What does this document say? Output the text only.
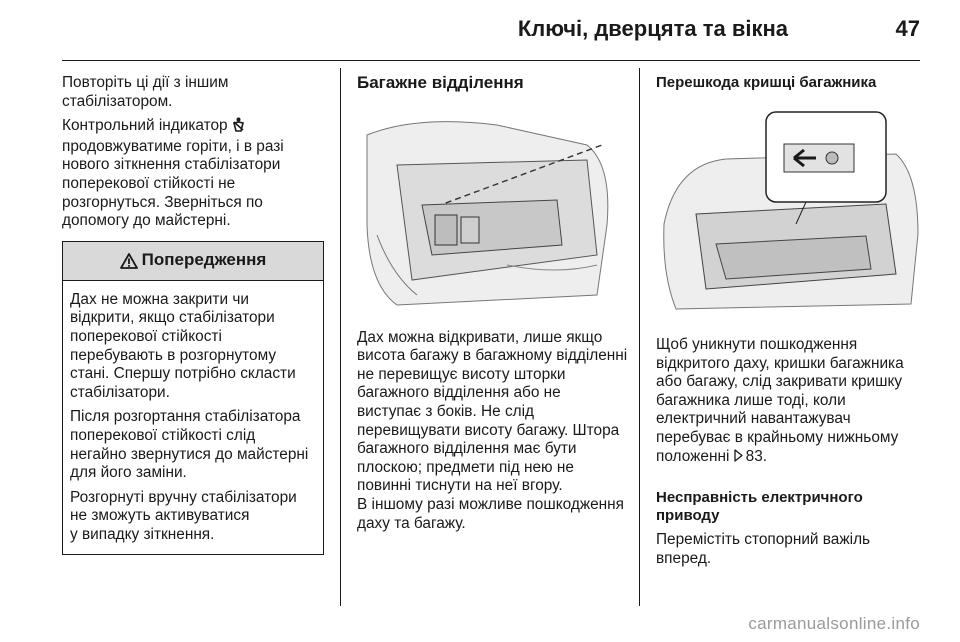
Ключі, дверцята та вікна	47

Повторіть ці дії з іншим стабілізатором.

Контрольний індикатор  продовжуватиме горіти, і в разі нового зіткнення стабілізатори поперекової стійкості не розгорнуться. Зверніться по допомогу до майстерні.

Попередження

Дах не можна закрити чи відкрити, якщо стабілізатори поперекової стійкості перебувають в розгорнутому стані. Спершу потрібно скласти стабілізатори.

Після розгортання стабілізатора поперекової стійкості слід негайно звернутися до майстерні для його заміни.

Розгорнуті вручну стабілізатори не зможуть активуватися
у випадку зіткнення.

Багажне відділення

Дах можна відкривати, лише якщо висота багажу в багажному відділенні не перевищує висоту шторки багажного відділення або не виступає з боків. Не слід перевищувати висоту багажу. Штора багажного відділення має бути плоскою; предмети під нею не повинні тиснути на неї вгору.
В іншому разі можливе пошкодження даху та багажу.

Перешкода кришці багажника

Щоб уникнути пошкодження відкритого даху, кришки багажника або багажу, слід закривати кришку багажника лише тоді, коли електричний навантажувач перебуває в крайньому нижньому положенні 83.

Несправність електричного приводу

Перемістіть стопорний важіль вперед.

carmanualsonline.info
